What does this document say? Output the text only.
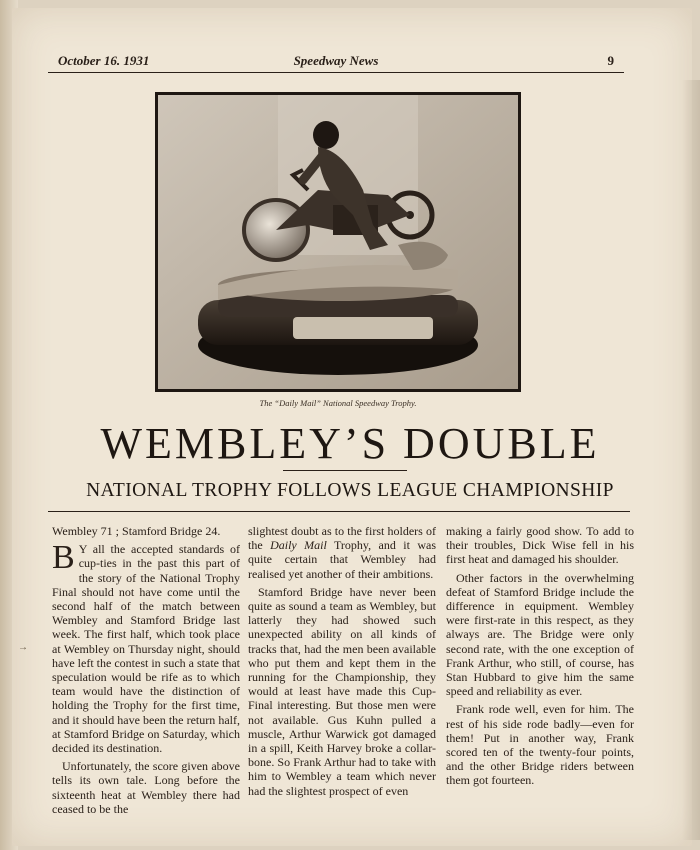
October 16. 1931	Speedway News	9
The “Daily Mail” National Speedway Trophy.
WEMBLEY’S DOUBLE
NATIONAL TROPHY FOLLOWS LEAGUE CHAMPIONSHIP
→

Wembley 71 ; Stamford Bridge 24.

B Y all the accepted standards of cup-ties in the past this part of the story of the National Trophy Final should not have come until the second half of the match between Wembley and Stamford Bridge last week. The first half, which took place at Wembley on Thursday night, should have left the contest in such a state that speculation would be rife as to which team would have the distinction of holding the Trophy for the first time, and it should have been the return half, at Stamford Bridge on Saturday, which decided its destination.

Unfortunately, the score given above tells its own tale. Long before the sixteenth heat at Wembley there had ceased to be the

slightest doubt as to the first holders of the Daily Mail Trophy, and it was quite certain that Wembley had realised yet another of their ambitions.

Stamford Bridge have never been quite as sound a team as Wembley, but latterly they had showed such unexpected ability on all kinds of tracks that, had the men been available who put them and kept them in the running for the Championship, they would at least have made this Cup-Final interesting. But those men were not available. Gus Kuhn pulled a muscle, Arthur Warwick got damaged in a spill, Keith Harvey broke a collar-bone. So Frank Arthur had to take with him to Wembley a team which never had the slightest prospect of even

making a fairly good show. To add to their troubles, Dick Wise fell in his first heat and damaged his shoulder.

Other factors in the overwhelming defeat of Stamford Bridge include the difference in equipment. Wembley were first-rate in this respect, as they always are. The Bridge were only second rate, with the one exception of Frank Arthur, who still, of course, has Stan Hubbard to give him the same speed and reliability as ever.

Frank rode well, even for him. The rest of his side rode badly—even for them! Put in another way, Frank scored ten of the twenty-four points, and the other Bridge riders between them got fourteen.
